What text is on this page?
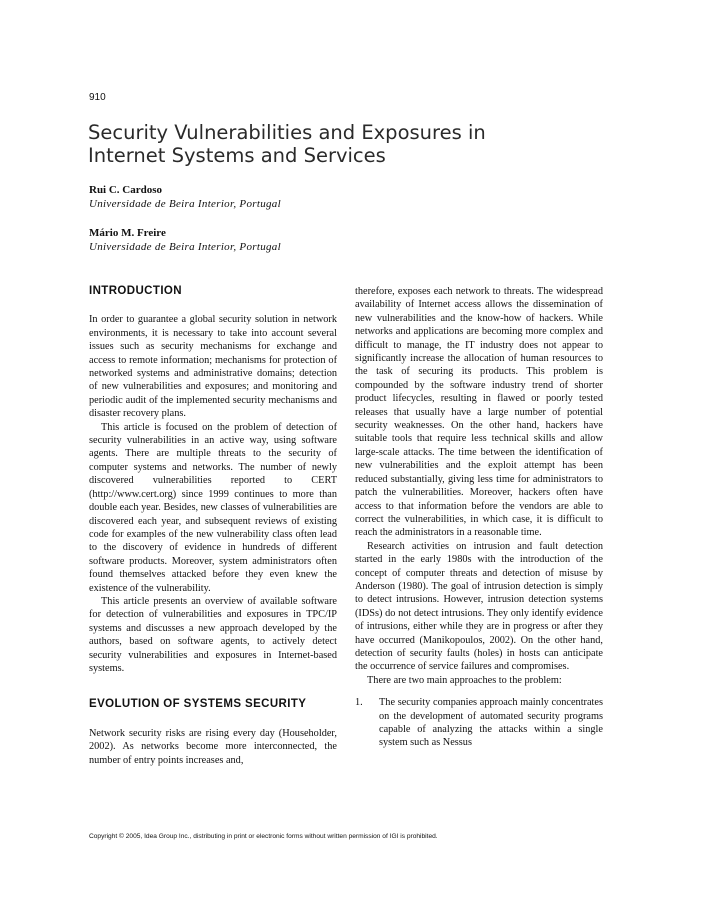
910
Security Vulnerabilities and Exposures in
Internet Systems and Services
Rui C. Cardoso
Universidade de Beira Interior, Portugal
Mário M. Freire
Universidade de Beira Interior, Portugal
INTRODUCTION

In order to guarantee a global security solution in network environments, it is necessary to take into account several issues such as security mechanisms for exchange and access to remote information; mechanisms for protection of networked systems and administrative domains; detection of new vulnerabilities and exposures; and monitoring and periodic audit of the implemented security mechanisms and disaster recovery plans.

This article is focused on the problem of detection of security vulnerabilities in an active way, using software agents. There are multiple threats to the security of computer systems and networks. The number of newly discovered vulnerabilities reported to CERT (http://www.cert.org) since 1999 continues to more than double each year. Besides, new classes of vulnerabilities are discovered each year, and subsequent reviews of existing code for examples of the new vulnerability class often lead to the discovery of evidence in hundreds of different software products. Moreover, system administrators often found themselves attacked before they even knew the existence of the vulnerability.

This article presents an overview of available software for detection of vulnerabilities and exposures in TPC/IP systems and discusses a new approach developed by the authors, based on software agents, to actively detect security vulnerabilities and exposures in Internet-based systems.

EVOLUTION OF SYSTEMS SECURITY

Network security risks are rising every day (Householder, 2002). As networks become more interconnected, the number of entry points increases and,

therefore, exposes each network to threats. The widespread availability of Internet access allows the dissemination of new vulnerabilities and the know-how of hackers. While networks and applications are becoming more complex and difficult to manage, the IT industry does not appear to significantly increase the allocation of human resources to the task of securing its products. This problem is compounded by the software industry trend of shorter product lifecycles, resulting in flawed or poorly tested releases that usually have a large number of potential security weaknesses. On the other hand, hackers have suitable tools that require less technical skills and allow large-scale attacks. The time between the identification of new vulnerabilities and the exploit attempt has been reduced substantially, giving less time for administrators to patch the vulnerabilities. Moreover, hackers often have access to that information before the vendors are able to correct the vulnerabilities, in which case, it is difficult to reach the administrators in a reasonable time.

Research activities on intrusion and fault detection started in the early 1980s with the introduction of the concept of computer threats and detection of misuse by Anderson (1980). The goal of intrusion detection is simply to detect intrusions. However, intrusion detection systems (IDSs) do not detect intrusions. They only identify evidence of intrusions, either while they are in progress or after they have occurred (Manikopoulos, 2002). On the other hand, detection of security faults (holes) in hosts can anticipate the occurrence of service failures and compromises.

There are two main approaches to the problem:

1.	The security companies approach mainly concentrates on the development of automated security programs capable of analyzing the attacks within a single system such as Nessus

Copyright © 2005, Idea Group Inc., distributing in print or electronic forms without written permission of IGI is prohibited.
